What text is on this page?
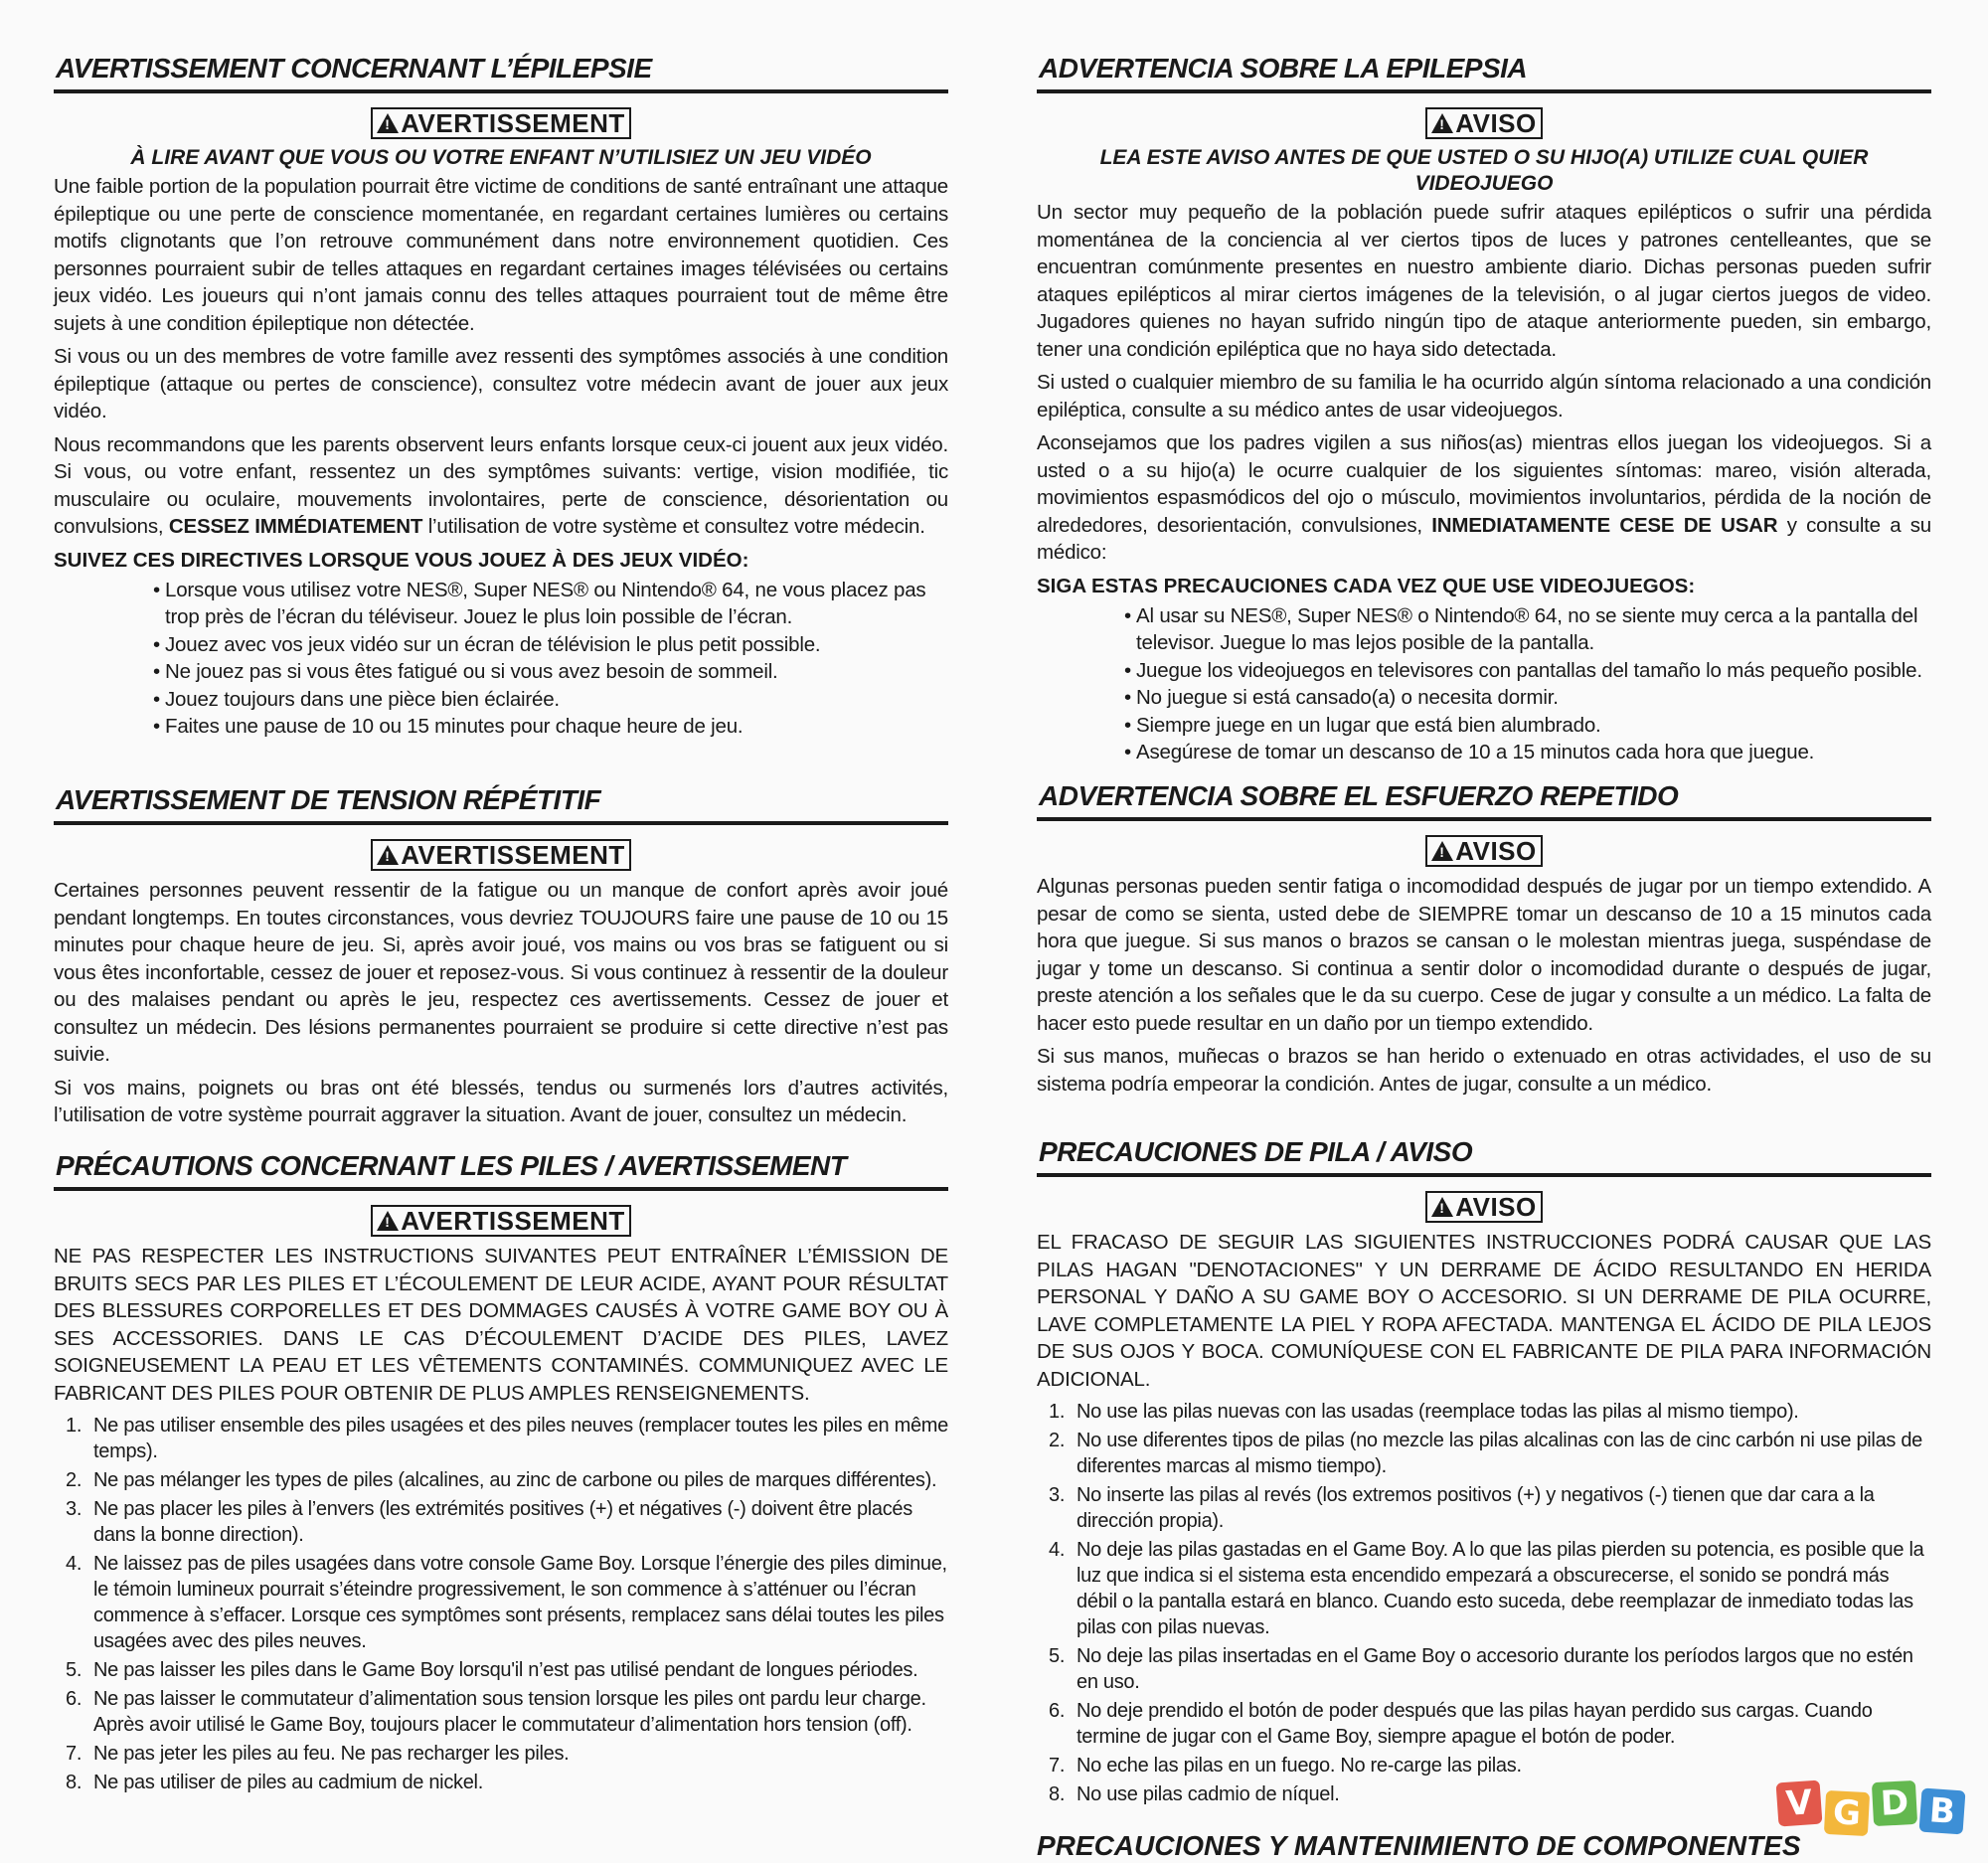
AVERTISSEMENT CONCERNANT L’ÉPILEPSIE
!AVERTISSEMENT
À LIRE AVANT QUE VOUS OU VOTRE ENFANT N’UTILISIEZ UN JEU VIDÉO

Une faible portion de la population pourrait être victime de conditions de santé entraînant une attaque épileptique ou une perte de conscience momentanée, en regardant certaines lumières ou certains motifs clignotants que l’on retrouve communément dans notre environnement quotidien. Ces personnes pourraient subir de telles attaques en regardant certaines images télévisées ou certains jeux vidéo. Les joueurs qui n’ont jamais connu des telles attaques pourraient tout de même être sujets à une condition épileptique non détectée.

Si vous ou un des membres de votre famille avez ressenti des symptômes associés à une condition épileptique (attaque ou pertes de conscience), consultez votre médecin avant de jouer aux jeux vidéo.

Nous recommandons que les parents observent leurs enfants lorsque ceux-ci jouent aux jeux vidéo. Si vous, ou votre enfant, ressentez un des symptômes suivants: vertige, vision modifiée, tic musculaire ou oculaire, mouvements involontaires, perte de conscience, désorientation ou convulsions, CESSEZ IMMÉDIATEMENT l’utilisation de votre système et consultez votre médecin.

SUIVEZ CES DIRECTIVES LORSQUE VOUS JOUEZ À DES JEUX VIDÉO:
• Lorsque vous utilisez votre NES®, Super NES® ou Nintendo® 64, ne vous placez pas trop près de l’écran du téléviseur. Jouez le plus loin possible de l’écran.
• Jouez avec vos jeux vidéo sur un écran de télévision le plus petit possible.
• Ne jouez pas si vous êtes fatigué ou si vous avez besoin de sommeil.
• Jouez toujours dans une pièce bien éclairée.
• Faites une pause de 10 ou 15 minutes pour chaque heure de jeu.
AVERTISSEMENT DE TENSION RÉPÉTITIF
!AVERTISSEMENT

Certaines personnes peuvent ressentir de la fatigue ou un manque de confort après avoir joué pendant longtemps. En toutes circonstances, vous devriez TOUJOURS faire une pause de 10 ou 15 minutes pour chaque heure de jeu. Si, après avoir joué, vos mains ou vos bras se fatiguent ou si vous êtes inconfortable, cessez de jouer et reposez-vous. Si vous continuez à ressentir de la douleur ou des malaises pendant ou après le jeu, respectez ces avertissements. Cessez de jouer et consultez un médecin. Des lésions permanentes pourraient se produire si cette directive n’est pas suivie.

Si vos mains, poignets ou bras ont été blessés, tendus ou surmenés lors d’autres activités, l’utilisation de votre système pourrait aggraver la situation. Avant de jouer, consultez un médecin.

PRÉCAUTIONS CONCERNANT LES PILES / AVERTISSEMENT
!AVERTISSEMENT

NE PAS RESPECTER LES INSTRUCTIONS SUIVANTES PEUT ENTRAÎNER L’ÉMISSION DE BRUITS SECS PAR LES PILES ET L’ÉCOULEMENT DE LEUR ACIDE, AYANT POUR RÉSULTAT DES BLESSURES CORPORELLES ET DES DOMMAGES CAUSÉS À VOTRE GAME BOY OU À SES ACCESSORIES. DANS LE CAS D’ÉCOULEMENT D’ACIDE DES PILES, LAVEZ SOIGNEUSEMENT LA PEAU ET LES VÊTEMENTS CONTAMINÉS. COMMUNIQUEZ AVEC LE FABRICANT DES PILES POUR OBTENIR DE PLUS AMPLES RENSEIGNEMENTS.

1. Ne pas utiliser ensemble des piles usagées et des piles neuves (remplacer toutes les piles en même temps).
2. Ne pas mélanger les types de piles (alcalines, au zinc de carbone ou piles de marques différentes).
3. Ne pas placer les piles à l’envers (les extrémités positives (+) et négatives (-) doivent être placés dans la bonne direction).
4. Ne laissez pas de piles usagées dans votre console Game Boy. Lorsque l’énergie des piles diminue, le témoin lumineux pourrait s’éteindre progressivement, le son commence à s’atténuer ou l’écran commence à s’effacer. Lorsque ces symptômes sont présents, remplacez sans délai toutes les piles usagées avec des piles neuves.
5. Ne pas laisser les piles dans le Game Boy lorsqu'il n’est pas utilisé pendant de longues périodes.
6. Ne pas laisser le commutateur d’alimentation sous tension lorsque les piles ont pardu leur charge. Après avoir utilisé le Game Boy, toujours placer le commutateur d’alimentation hors tension (off).
7. Ne pas jeter les piles au feu. Ne pas recharger les piles.
8. Ne pas utiliser de piles au cadmium de nickel.
ADVERTENCIA SOBRE LA EPILEPSIA
!AVISO
LEA ESTE AVISO ANTES DE QUE USTED O SU HIJO(A) UTILIZE CUAL QUIER VIDEOJUEGO

Un sector muy pequeño de la población puede sufrir ataques epilépticos o sufrir una pérdida momentánea de la conciencia al ver ciertos tipos de luces y patrones centelleantes, que se encuentran comúnmente presentes en nuestro ambiente diario. Dichas personas pueden sufrir ataques epilépticos al mirar ciertos imágenes de la televisión, o al jugar ciertos juegos de video. Jugadores quienes no hayan sufrido ningún tipo de ataque anteriormente pueden, sin embargo, tener una condición epiléptica que no haya sido detectada.

Si usted o cualquier miembro de su familia le ha ocurrido algún síntoma relacionado a una condición epiléptica, consulte a su médico antes de usar videojuegos.

Aconsejamos que los padres vigilen a sus niños(as) mientras ellos juegan los videojuegos. Si a usted o a su hijo(a) le ocurre cualquier de los siguientes síntomas: mareo, visión alterada, movimientos espasmódicos del ojo o músculo, movimientos involuntarios, pérdida de la noción de alrededores, desorientación, convulsiones, INMEDIATAMENTE CESE DE USAR y consulte a su médico:

SIGA ESTAS PRECAUCIONES CADA VEZ QUE USE VIDEOJUEGOS:
• Al usar su NES®, Super NES® o Nintendo® 64, no se siente muy cerca a la pantalla del televisor. Juegue lo mas lejos posible de la pantalla.
• Juegue los videojuegos en televisores con pantallas del tamaño lo más pequeño posible.
• No juegue si está cansado(a) o necesita dormir.
• Siempre juege en un lugar que está bien alumbrado.
• Asegúrese de tomar un descanso de 10 a 15 minutos cada hora que juegue.
ADVERTENCIA SOBRE EL ESFUERZO REPETIDO
!AVISO

Algunas personas pueden sentir fatiga o incomodidad después de jugar por un tiempo extendido. A pesar de como se sienta, usted debe de SIEMPRE tomar un descanso de 10 a 15 minutos cada hora que juegue. Si sus manos o brazos se cansan o le molestan mientras juega, suspéndase de jugar y tome un descanso. Si continua a sentir dolor o incomodidad durante o después de jugar, preste atención a los señales que le da su cuerpo. Cese de jugar y consulte a un médico. La falta de hacer esto puede resultar en un daño por un tiempo extendido.

Si sus manos, muñecas o brazos se han herido o extenuado en otras actividades, el uso de su sistema podría empeorar la condición. Antes de jugar, consulte a un médico.

PRECAUCIONES DE PILA / AVISO
!AVISO

EL FRACASO DE SEGUIR LAS SIGUIENTES INSTRUCCIONES PODRÁ CAUSAR QUE LAS PILAS HAGAN "DENOTACIONES" Y UN DERRAME DE ÁCIDO RESULTANDO EN HERIDA PERSONAL Y DAÑO A SU GAME BOY O ACCESORIO. SI UN DERRAME DE PILA OCURRE, LAVE COMPLETAMENTE LA PIEL Y ROPA AFECTADA. MANTENGA EL ÁCIDO DE PILA LEJOS DE SUS OJOS Y BOCA. COMUNÍQUESE CON EL FABRICANTE DE PILA PARA INFORMACIÓN ADICIONAL.

1. No use las pilas nuevas con las usadas (reemplace todas las pilas al mismo tiempo).
2. No use diferentes tipos de pilas (no mezcle las pilas alcalinas con las de cinc carbón ni use pilas de diferentes marcas al mismo tiempo).
3. No inserte las pilas al revés (los extremos positivos (+) y negativos (-) tienen que dar cara a la dirección propia).
4. No deje las pilas gastadas en el Game Boy. A lo que las pilas pierden su potencia, es posible que la luz que indica si el sistema esta encendido empezará a obscurecerse, el sonido se pondrá más débil o la pantalla estará en blanco. Cuando esto suceda, debe reemplazar de inmediato todas las pilas con pilas nuevas.
5. No deje las pilas insertadas en el Game Boy o accesorio durante los períodos largos que no estén en uso.
6. No deje prendido el botón de poder después que las pilas hayan perdido sus cargas. Cuando termine de jugar con el Game Boy, siempre apague el botón de poder.
7. No eche las pilas en un fuego. No re-carge las pilas.
8. No use pilas cadmio de níquel.
PRECAUCIONES Y MANTENIMIENTO DE COMPONENTES
V G D B
